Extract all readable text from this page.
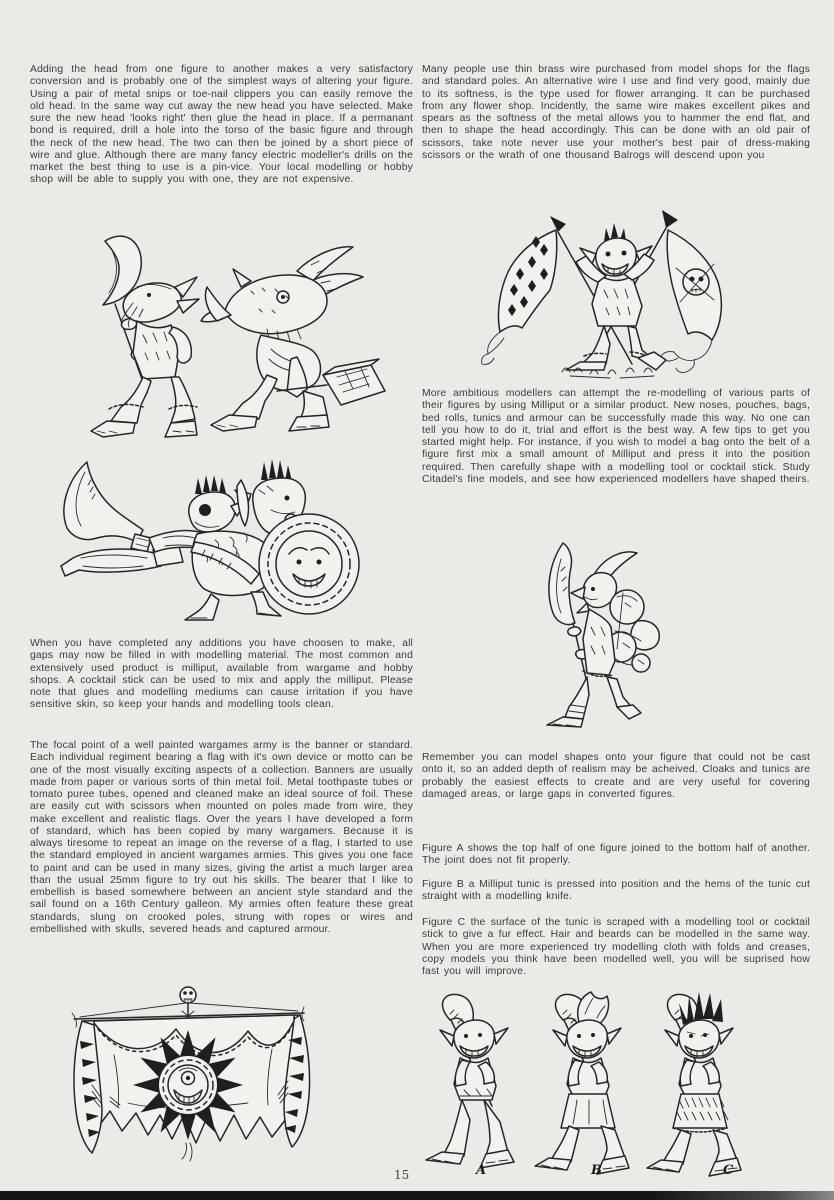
Adding the head from one figure to another makes a very satisfactory conversion and is probably one of the simplest ways of altering your figure. Using a pair of metal snips or toe-nail clippers you can easily remove the old head. In the same way cut away the new head you have selected. Make sure the new head 'looks right' then glue the head in place. If a permanant bond is required, drill a hole into the torso of the basic figure and through the neck of the new head. The two can then be joined by a short piece of wire and glue. Although there are many fancy electric modeller's drills on the market the best thing to use is a pin-vice. Your local modelling or hobby shop will be able to supply you with one, they are not expensive.

When you have completed any additions you have choosen to make, all gaps may now be filled in with modelling material. The most common and extensively used product is milliput, available from wargame and hobby shops. A cocktail stick can be used to mix and apply the milliput. Please note that glues and modelling mediums can cause irritation if you have sensitive skin, so keep your hands and modelling tools clean.

The focal point of a well painted wargames army is the banner or standard. Each individual regiment bearing a flag with it's own device or motto can be one of the most visually exciting aspects of a collection. Banners are usually made from paper or various sorts of thin metal foil. Metal toothpaste tubes or tomato puree tubes, opened and cleaned make an ideal source of foil. These are easily cut with scissors when mounted on poles made from wire, they make excellent and realistic flags. Over the years I have developed a form of standard, which has been copied by many wargamers. Because it is always tiresome to repeat an image on the reverse of a flag, I started to use the standard employed in ancient wargames armies. This gives you one face to paint and can be used in many sizes, giving the artist a much larger area than the usual 25mm figure to try out his skills. The bearer that I like to embellish is based somewhere between an ancient style standard and the sail found on a 16th Century galleon. My armies often feature these great standards, slung on crooked poles, strung with ropes or wires and embellished with skulls, severed heads and captured armour.

Many people use thin brass wire purchased from model shops for the flags and standard poles. An alternative wire I use and find very good, mainly due to its softness, is the type used for flower arranging. It can be purchased from any flower shop. Incidently, the same wire makes excellent pikes and spears as the softness of the metal allows you to hammer the end flat, and then to shape the head accordingly. This can be done with an old pair of scissors, take note never use your mother's best pair of dress-making scissors or the wrath of one thousand Balrogs will descend upon you

More ambitious modellers can attempt the re-modelling of various parts of their figures by using Milliput or a similar product. New noses, pouches, bags, bed rolls, tunics and armour can be successfully made this way. No one can tell you how to do it, trial and effort is the best way. A few tips to get you started might help. For instance, if you wish to model a bag onto the belt of a figure first mix a small amount of Milliput and press it into the position required. Then carefully shape with a modelling tool or cocktail stick. Study Citadel's fine models, and see how experienced modellers have shaped theirs.

Remember you can model shapes onto your figure that could not be cast onto it, so an added depth of realism may be acheived. Cloaks and tunics are probably the easiest effects to create and are very useful for covering damaged areas, or large gaps in converted figures.

Figure A shows the top half of one figure joined to the bottom half of another. The joint does not fit properly.

Figure B a Milliput tunic is pressed into position and the hems of the tunic cut straight with a modelling knife.

Figure C the surface of the tunic is scraped with a modelling tool or cocktail stick to give a fur effect. Hair and beards can be modelled in the same way. When you are more experienced try modelling cloth with folds and creases, copy models you think have been modelled well, you will be suprised how fast you will improve.

A	B	C
15
